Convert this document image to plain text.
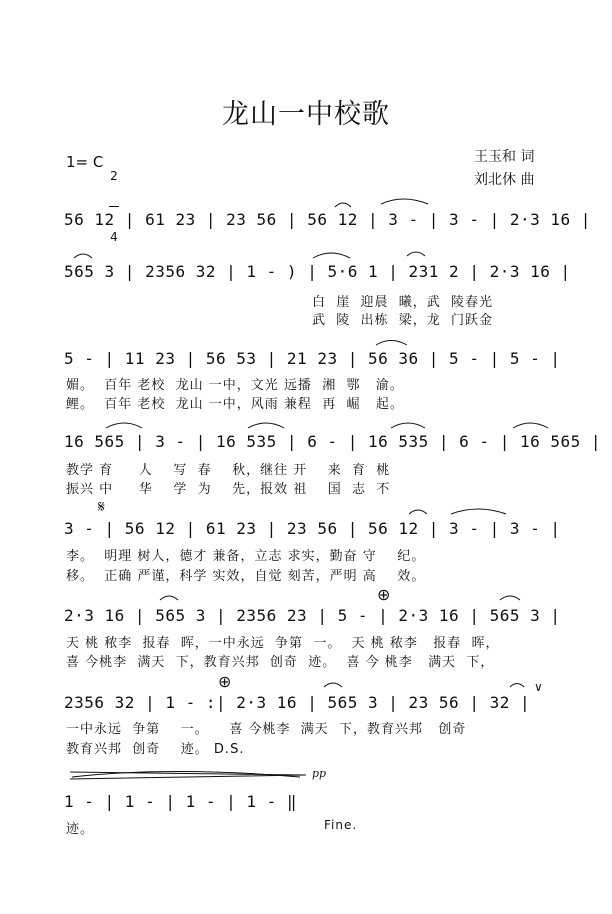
龙山一中校歌
1= C

2

4

王玉和 词
刘北休 曲
56 12 | 61 23 | 23 56 | 56 12 | 3 - | 3 - | 2·3 16 |
565 3 | 2356 32 | 1 - ) | 5·6 1 | 231 2 | 2·3 16 |
白  崖  迎晨  曦，武  陵春光
武  陵  出栋  梁，龙  门跃金
5 - | 11 23 | 56 53 | 21 23 | 56 36 | 5 - | 5 - |
媚。  百年 老校  龙山 一中，文光 远播  湘  鄂   渝。
鲤。  百年 老校  龙山 一中，风雨 兼程  再  崛   起。
16 565 | 3 - | 16 535 | 6 - | 16 535 | 6 - | 16 565 |
教学 育     人    写  春    秋，继往 开    来  育  桃
振兴 中     华    学  为    先，报效 祖    国  志  不
𝄋
3 - | 56 12 | 61 23 | 23 56 | 56 12 | 3 - | 3 - |
李。  明理 树人，德才 兼备，立志 求实，勤奋 守    纪。
移。  正确 严谨，科学 实效，自觉 刻苦，严明 高    效。
⊕
2·3 16 | 565 3 | 2356 23 | 5 - | 2·3 16 | 565 3 |
天 桃 秾李  报春  晖，一中永远  争第  一。  天 桃 秾李   报春  晖，
喜 今桃李  满天  下，教育兴邦  创奇  迹。  喜 今 桃李   满天  下，
⊕	∨
2356 32 | 1 - :| 2·3 16 | 565 3 | 23 56 | 32 |
一中永远  争第    一。    喜 今桃李  满天  下，教育兴邦   创奇
教育兴邦  创奇    迹。 D.S.
pp
1 - | 1 - | 1 - | 1 - ‖
迹。	Fine.
